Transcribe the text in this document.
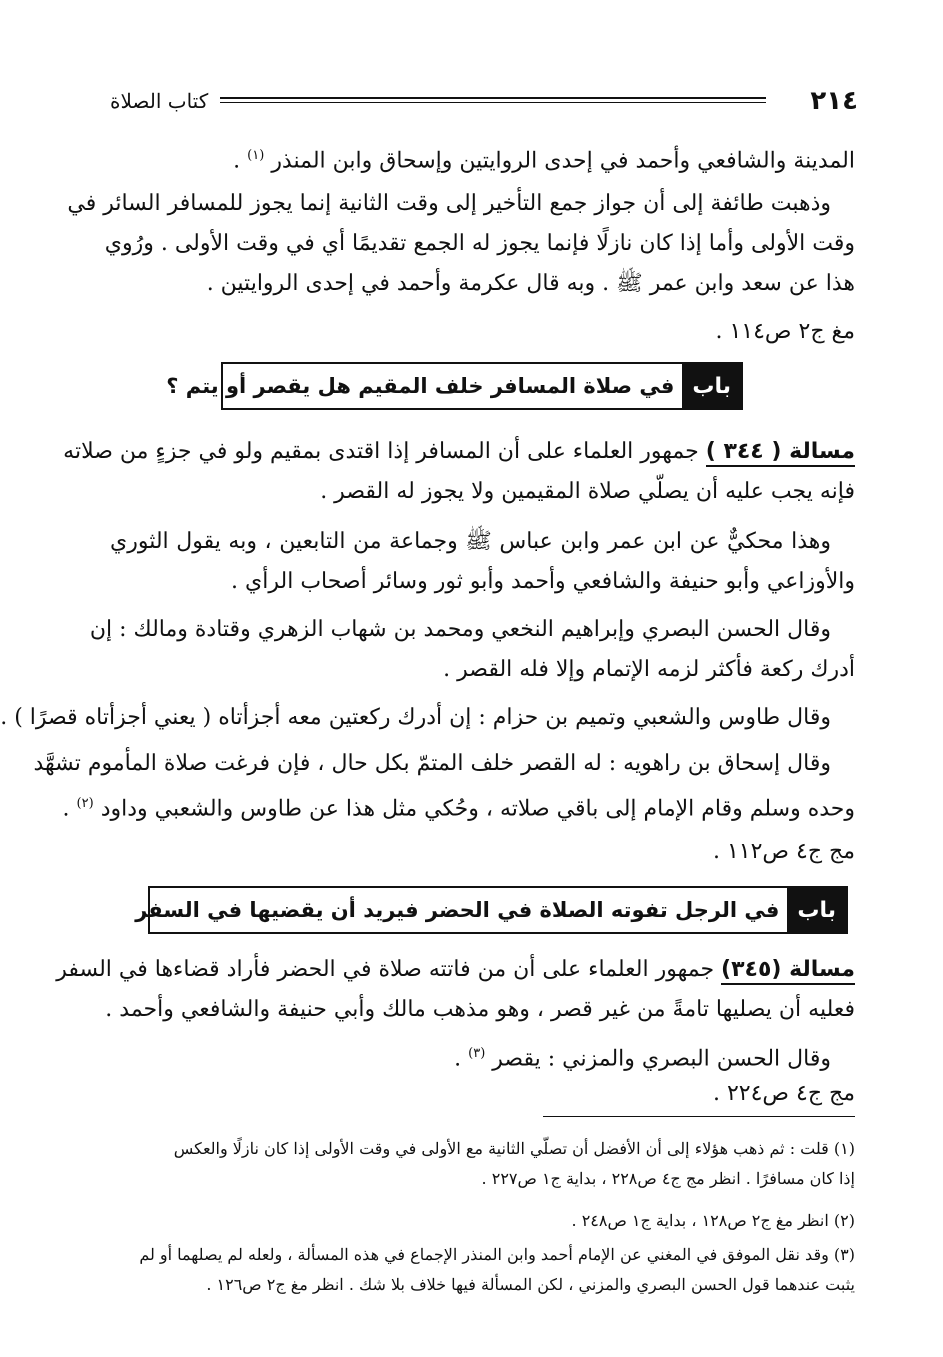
٢١٤
كتاب الصلاة
المدينة والشافعي وأحمد في إحدى الروايتين وإسحاق وابن المنذر $^{(١)}$ .
وذهبت طائفة إلى أن جواز جمع التأخير إلى وقت الثانية إنما يجوز للمسافر السائر في
وقت الأولى وأما إذا كان نازلًا فإنما يجوز له الجمع تقديمًا أي في وقت الأولى . ورُوي
هذا عن سعد وابن عمر ﷺ . وبه قال عكرمة وأحمد في إحدى الروايتين .
مغ ج٢ ص١١٤ .
باب
في صلاة المسافر خلف المقيم هل يقصر أو يتم ؟
مسالة ( ٣٤٤ ) جمهور العلماء على أن المسافر إذا اقتدى بمقيم ولو في جزءٍ من صلاته
فإنه يجب عليه أن يصلّي صلاة المقيمين ولا يجوز له القصر .
وهذا محكيٌّ عن ابن عمر وابن عباس ﷺ وجماعة من التابعين ، وبه يقول الثوري
والأوزاعي وأبو حنيفة والشافعي وأحمد وأبو ثور وسائر أصحاب الرأي .
وقال الحسن البصري وإبراهيم النخعي ومحمد بن شهاب الزهري وقتادة ومالك : إن
أدرك ركعة فأكثر لزمه الإتمام وإلا فله القصر .
وقال طاوس والشعبي وتميم بن حزام : إن أدرك ركعتين معه أجزأتاه ( يعني أجزأتاه قصرًا ) .
وقال إسحاق بن راهويه : له القصر خلف المتمّ بكل حال ، فإن فرغت صلاة المأموم تشهَّد
وحده وسلم وقام الإمام إلى باقي صلاته ، وحُكي مثل هذا عن طاوس والشعبي وداود $^{(٢)}$ .
مج ج٤ ص١١٢ .
باب
في الرجل تفوته الصلاة في الحضر فيريد أن يقضيها في السفر
مسالة (٣٤٥) جمهور العلماء على أن من فاتته صلاة في الحضر فأراد قضاءها في السفر
فعليه أن يصليها تامةً من غير قصر ، وهو مذهب مالك وأبي حنيفة والشافعي وأحمد .
وقال الحسن البصري والمزني : يقصر $^{(٣)}$ .
مج ج٤ ص٢٢٤ .
(١) قلت : ثم ذهب هؤلاء إلى أن الأفضل أن تصلّي الثانية مع الأولى في وقت الأولى إذا كان نازلًا والعكس
إذا كان مسافرًا . انظر مج ج٤ ص٢٢٨ ، بداية ج١ ص٢٢٧ .
(٢) انظر مغ ج٢ ص١٢٨ ، بداية ج١ ص٢٤٨ .
(٣) وقد نقل الموفق في المغني عن الإمام أحمد وابن المنذر الإجماع في هذه المسألة ، ولعله لم يصلهما أو لم
يثبت عندهما قول الحسن البصري والمزني ، لكن المسألة فيها خلاف بلا شك . انظر مغ ج٢ ص١٢٦ .
